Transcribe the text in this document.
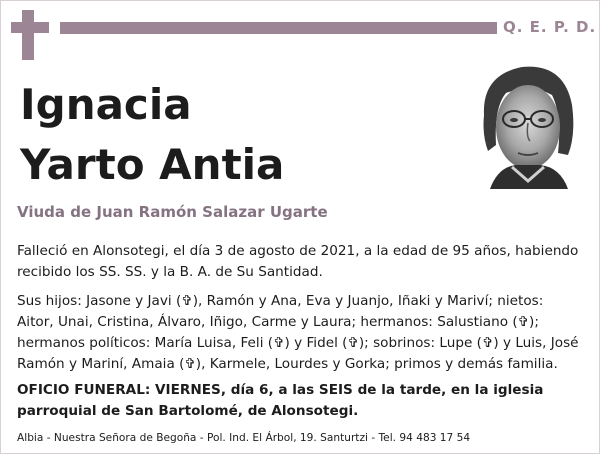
Q. E. P. D.
Ignacia
Yarto Antia
Viuda de Juan Ramón Salazar Ugarte

Falleció en Alonsotegi, el día 3 de agosto de 2021, a la edad de 95 años, habiendo recibido los SS. SS. y la B. A. de Su Santidad.

Sus hijos: Jasone y Javi (✞), Ramón y Ana, Eva y Juanjo, Iñaki y Mariví; nietos: Aitor, Unai, Cristina, Álvaro, Iñigo, Carme y Laura; hermanos: Salustiano (✞); hermanos políticos: María Luisa, Feli (✞) y Fidel (✞); sobrinos: Lupe (✞) y Luis, José Ramón y Mariní, Amaia (✞), Karmele, Lourdes y Gorka; primos y demás familia.

OFICIO FUNERAL: VIERNES, día 6, a las SEIS de la tarde, en la iglesia parroquial de San Bartolomé, de Alonsotegi.

Albia - Nuestra Señora de Begoña - Pol. Ind. El Árbol, 19. Santurtzi - Tel. 94 483 17 54
